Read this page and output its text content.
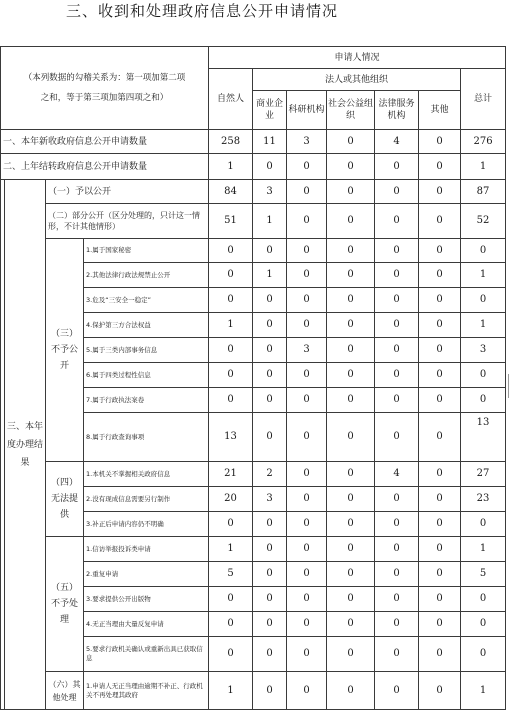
三、收到和处理政府信息公开申请情况
（本列数据的勾稽关系为：第一项加第二项
之和，等于第三项加第四项之和）				申请人情况						
				自然人	法人或其他组织					总计
					商业企业	科研机构	社会公益组织	法律服务机构	其他	
一、本年新收政府信息公开申请数量				258	11	3	0	4	0	276
二、上年结转政府信息公开申请数量				1	0	0	0	0	0	1
	三、本年度办理结果	（一）予以公开		84	3	0	0	0	0	87
		（二）部分公开（区分处理的，只计这一情形，不计其他情形）		51	1	0	0	0	0	52
		（三）不予公开	1.属于国家秘密	0	0	0	0	0	0	0
			2.其他法律行政法规禁止公开	0	1	0	0	0	0	1
			3.危及“三安全一稳定”	0	0	0	0	0	0	0
			4.保护第三方合法权益	1	0	0	0	0	0	1
			5.属于三类内部事务信息	0	0	3	0	0	0	3
			6.属于四类过程性信息	0	0	0	0	0	0	0
			7.属于行政执法案卷	0	0	0	0	0	0	0
			8.属于行政查询事项	13	0	0	0	0	0	13
		（四）无法提供	1.本机关不掌握相关政府信息	21	2	0	0	4	0	27
			2.没有现成信息需要另行制作	20	3	0	0	0	0	23
			3.补正后申请内容仍不明确	0	0	0	0	0	0	0
		（五）不予处理	1.信访举报投诉类申请	1	0	0	0	0	0	1
			2.重复申请	5	0	0	0	0	0	5
			3.要求提供公开出版物	0	0	0	0	0	0	0
			4.无正当理由大量反复申请	0	0	0	0	0	0	0
			5.要求行政机关确认或重新出具已获取信息	0	0	0	0	0	0	0
		（六）其他处理	1.申请人无正当理由逾期不补正、行政机关不再处理其政府	1	0	0	0	0	0	1
